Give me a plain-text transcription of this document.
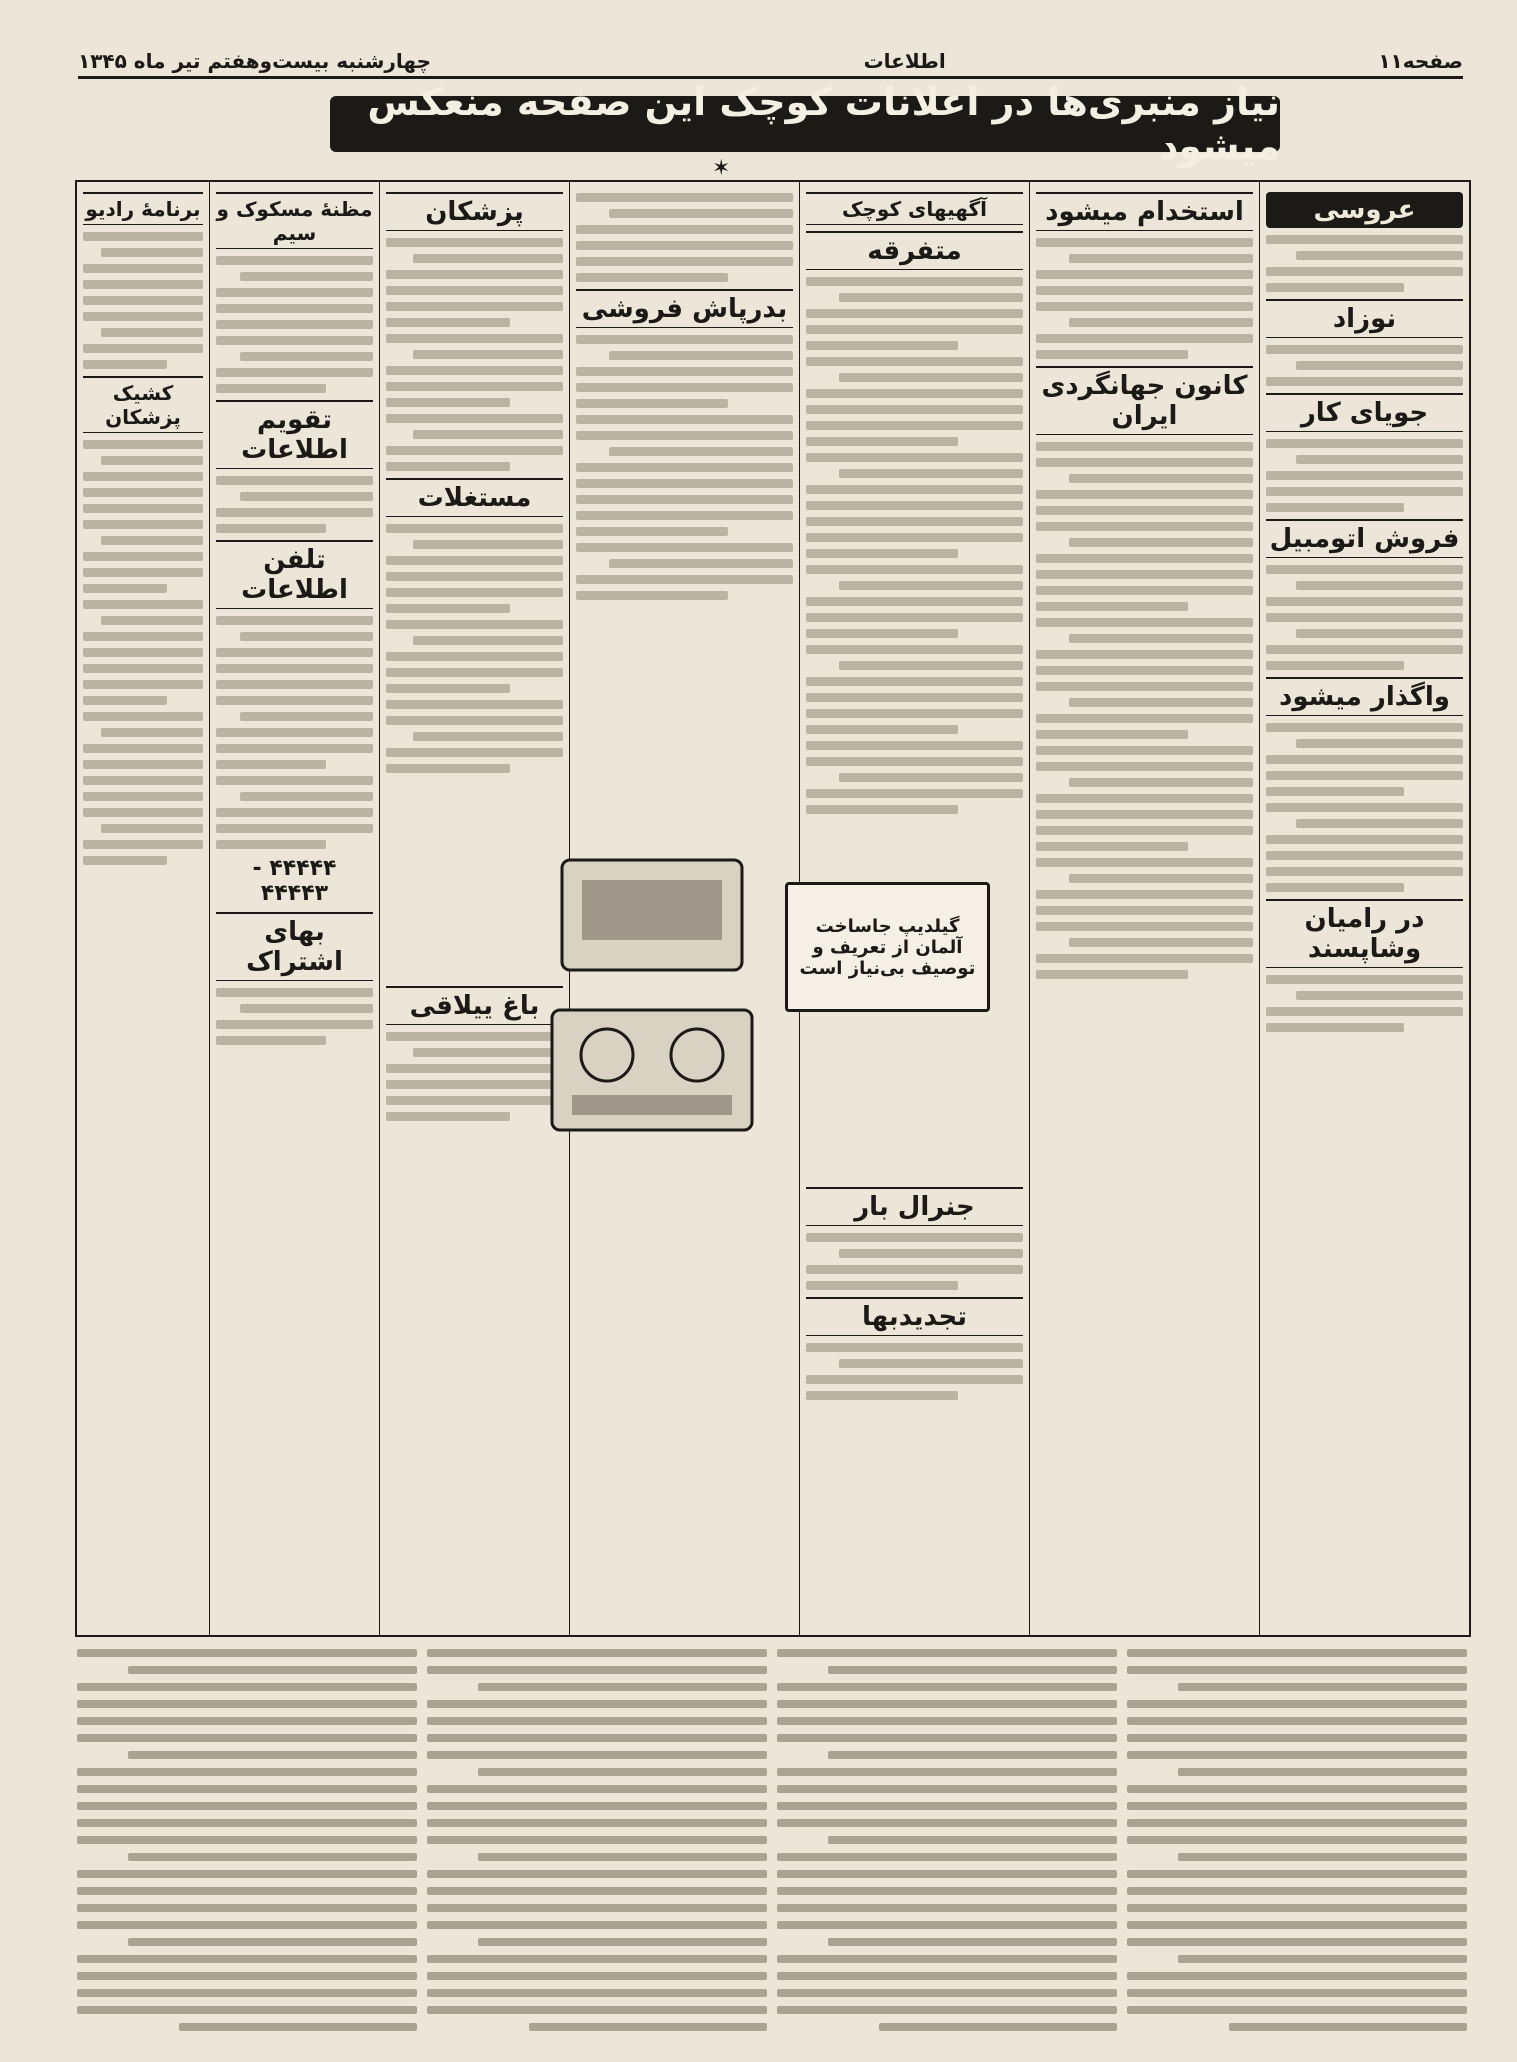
صفحه۱۱
اطلاعات
چهارشنبه بیست‌و‌هفتم تیر ماه ۱۳۴۵
نیاز منبری‌ها در اعلانات کوچک این صفحه منعکس میشود
✶
عروسی
نوزاد
جویای کار
فروش اتومبیل
واگذار میشود
در رامیان وشاپسند
استخدام میشود
کانون جهانگردی ایران
آگهیهای کوچک
متفرقه
جنرال بار
تجدید‌بها
بدرپاش فروشی
پزشکان
مستغلات
باغ ییلاقی
مظنهٔ مسکوک و سیم
تقویم اطلاعات
تلفن اطلاعات
۴۴۴۴۴ - ۴۴۴۴۳
بهای اشتراک
برنامهٔ رادیو
کشیک پزشکان
گیلدیپ جاساخت آلمان از تعریف و توصیف بی‌نیاز است
